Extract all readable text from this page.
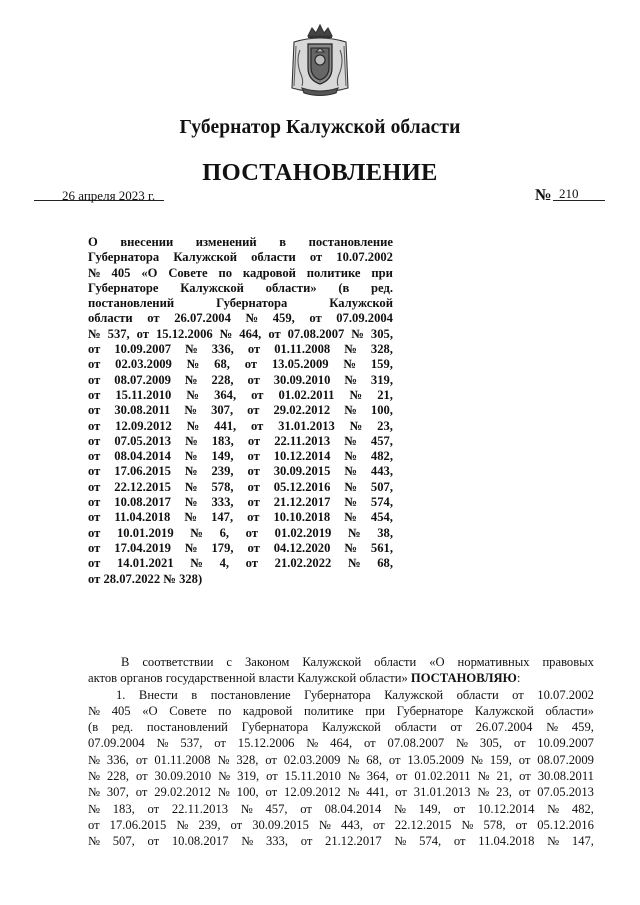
Губернатор Калужской области
ПОСТАНОВЛЕНИЕ
26 апреля 2023 г.	№ 210
О внесении изменений в постановление
Губернатора Калужской области от 10.07.2002
№ 405 «О Совете по кадровой политике при
Губернаторе Калужской области» (в ред.
постановлений	Губернатора	Калужской
области от 26.07.2004 № 459, от 07.09.2004
№ 537, от 15.12.2006 № 464, от 07.08.2007 № 305,
от 10.09.2007 № 336, от 01.11.2008 № 328,
от 02.03.2009 № 68, от 13.05.2009 № 159,
от 08.07.2009 № 228, от 30.09.2010 № 319,
от 15.11.2010 № 364, от 01.02.2011 № 21,
от 30.08.2011 № 307, от 29.02.2012 № 100,
от 12.09.2012 № 441, от 31.01.2013 № 23,
от 07.05.2013 № 183, от 22.11.2013 № 457,
от 08.04.2014 № 149, от 10.12.2014 № 482,
от 17.06.2015 № 239, от 30.09.2015 № 443,
от 22.12.2015 № 578, от 05.12.2016 № 507,
от 10.08.2017 № 333, от 21.12.2017 № 574,
от 11.04.2018 № 147, от 10.10.2018 № 454,
от 10.01.2019 № 6, от 01.02.2019 № 38,
от 17.04.2019 № 179, от 04.12.2020 № 561,
от 14.01.2021 № 4, от 21.02.2022 № 68,
от 28.07.2022 № 328)
В соответствии с Законом Калужской области «О нормативных правовых
актов органов государственной власти Калужской области»
ПОСТАНОВЛЯЮ :
1. Внести в постановление Губернатора Калужской области от 10.07.2002
№ 405 «О Совете по кадровой политике при Губернаторе Калужской области»
(в ред. постановлений Губернатора Калужской области от 26.07.2004 № 459,
07.09.2004 № 537, от 15.12.2006 № 464, от 07.08.2007 № 305, от 10.09.2007
№ 336, от 01.11.2008 № 328, от 02.03.2009 № 68, от 13.05.2009 № 159, от 08.07.2009
№ 228, от 30.09.2010 № 319, от 15.11.2010 № 364, от 01.02.2011 № 21, от 30.08.2011
№ 307, от 29.02.2012 № 100, от 12.09.2012 № 441, от 31.01.2013 № 23, от 07.05.2013
№ 183, от 22.11.2013 № 457, от 08.04.2014 № 149, от 10.12.2014 № 482,
от 17.06.2015 № 239, от 30.09.2015 № 443, от 22.12.2015 № 578, от 05.12.2016
№ 507, от 10.08.2017 № 333, от 21.12.2017 № 574, от 11.04.2018 № 147,
